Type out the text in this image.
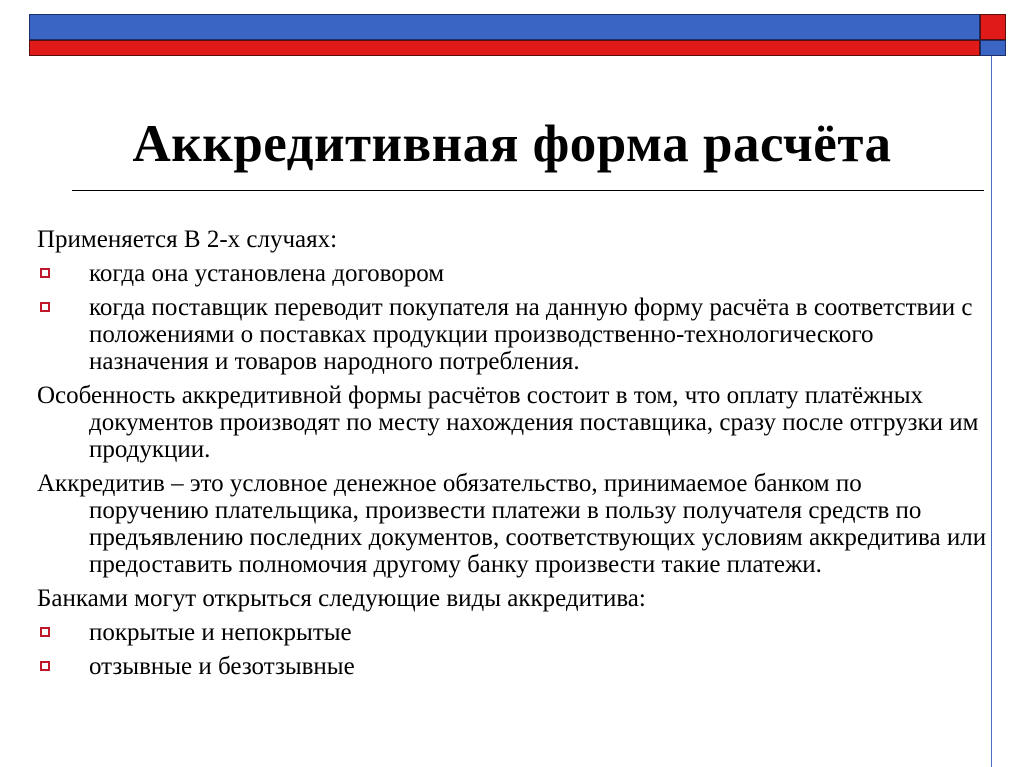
Аккредитивная форма расчёта
Применяется В 2-х случаях:
когда она установлена договором
когда поставщик переводит покупателя на данную форму расчёта в соответствии с положениями о поставках продукции производственно-технологического назначения и товаров народного потребления.
Особенность аккредитивной формы расчётов состоит в том, что оплату платёжных документов производят по месту нахождения поставщика, сразу после отгрузки им продукции.
Аккредитив – это условное денежное обязательство, принимаемое банком по поручению плательщика, произвести платежи в пользу получателя средств по предъявлению последних документов, соответствующих условиям аккредитива или предоставить полномочия другому банку произвести такие платежи.
Банками могут открыться следующие виды аккредитива:
покрытые и непокрытые
отзывные и безотзывные
